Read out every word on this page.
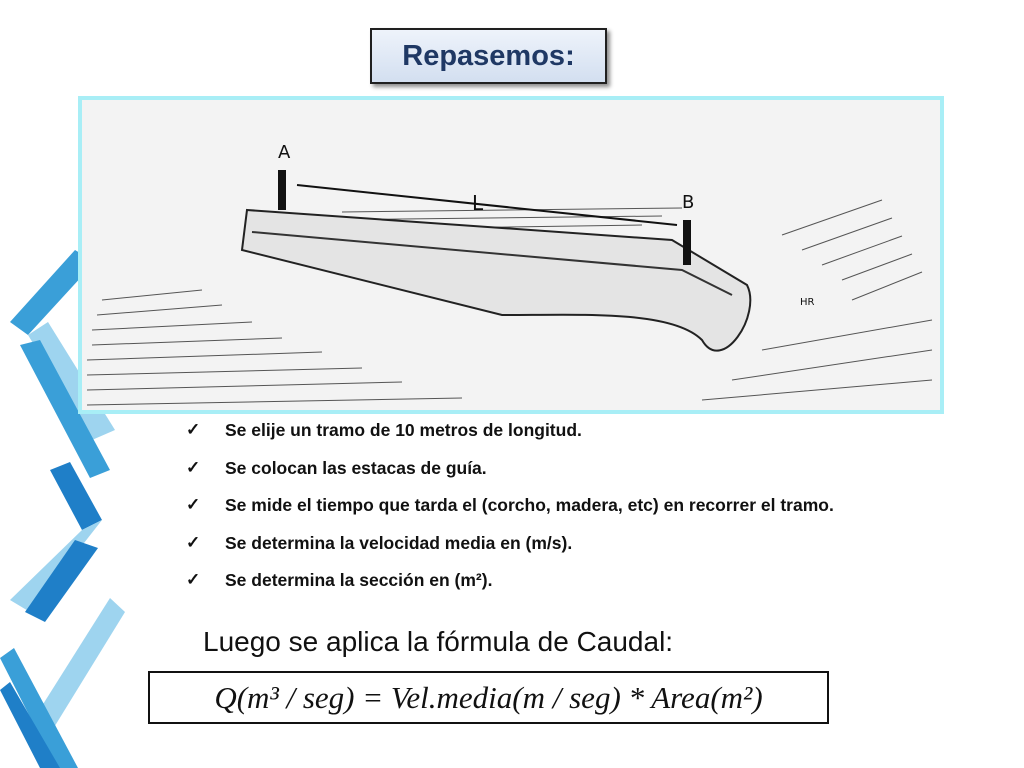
Repasemos:
A
B
L
HR
✓	Se elije un tramo de 10 metros de longitud.
✓	Se colocan las estacas de guía.
✓	Se mide el tiempo que tarda el (corcho, madera, etc) en recorrer el tramo.
✓	Se determina la velocidad media en (m/s).
✓	Se determina la sección en (m²).
Luego se aplica la fórmula de Caudal:
Q(m³ / seg) = Vel.media(m / seg) * Area(m²)
